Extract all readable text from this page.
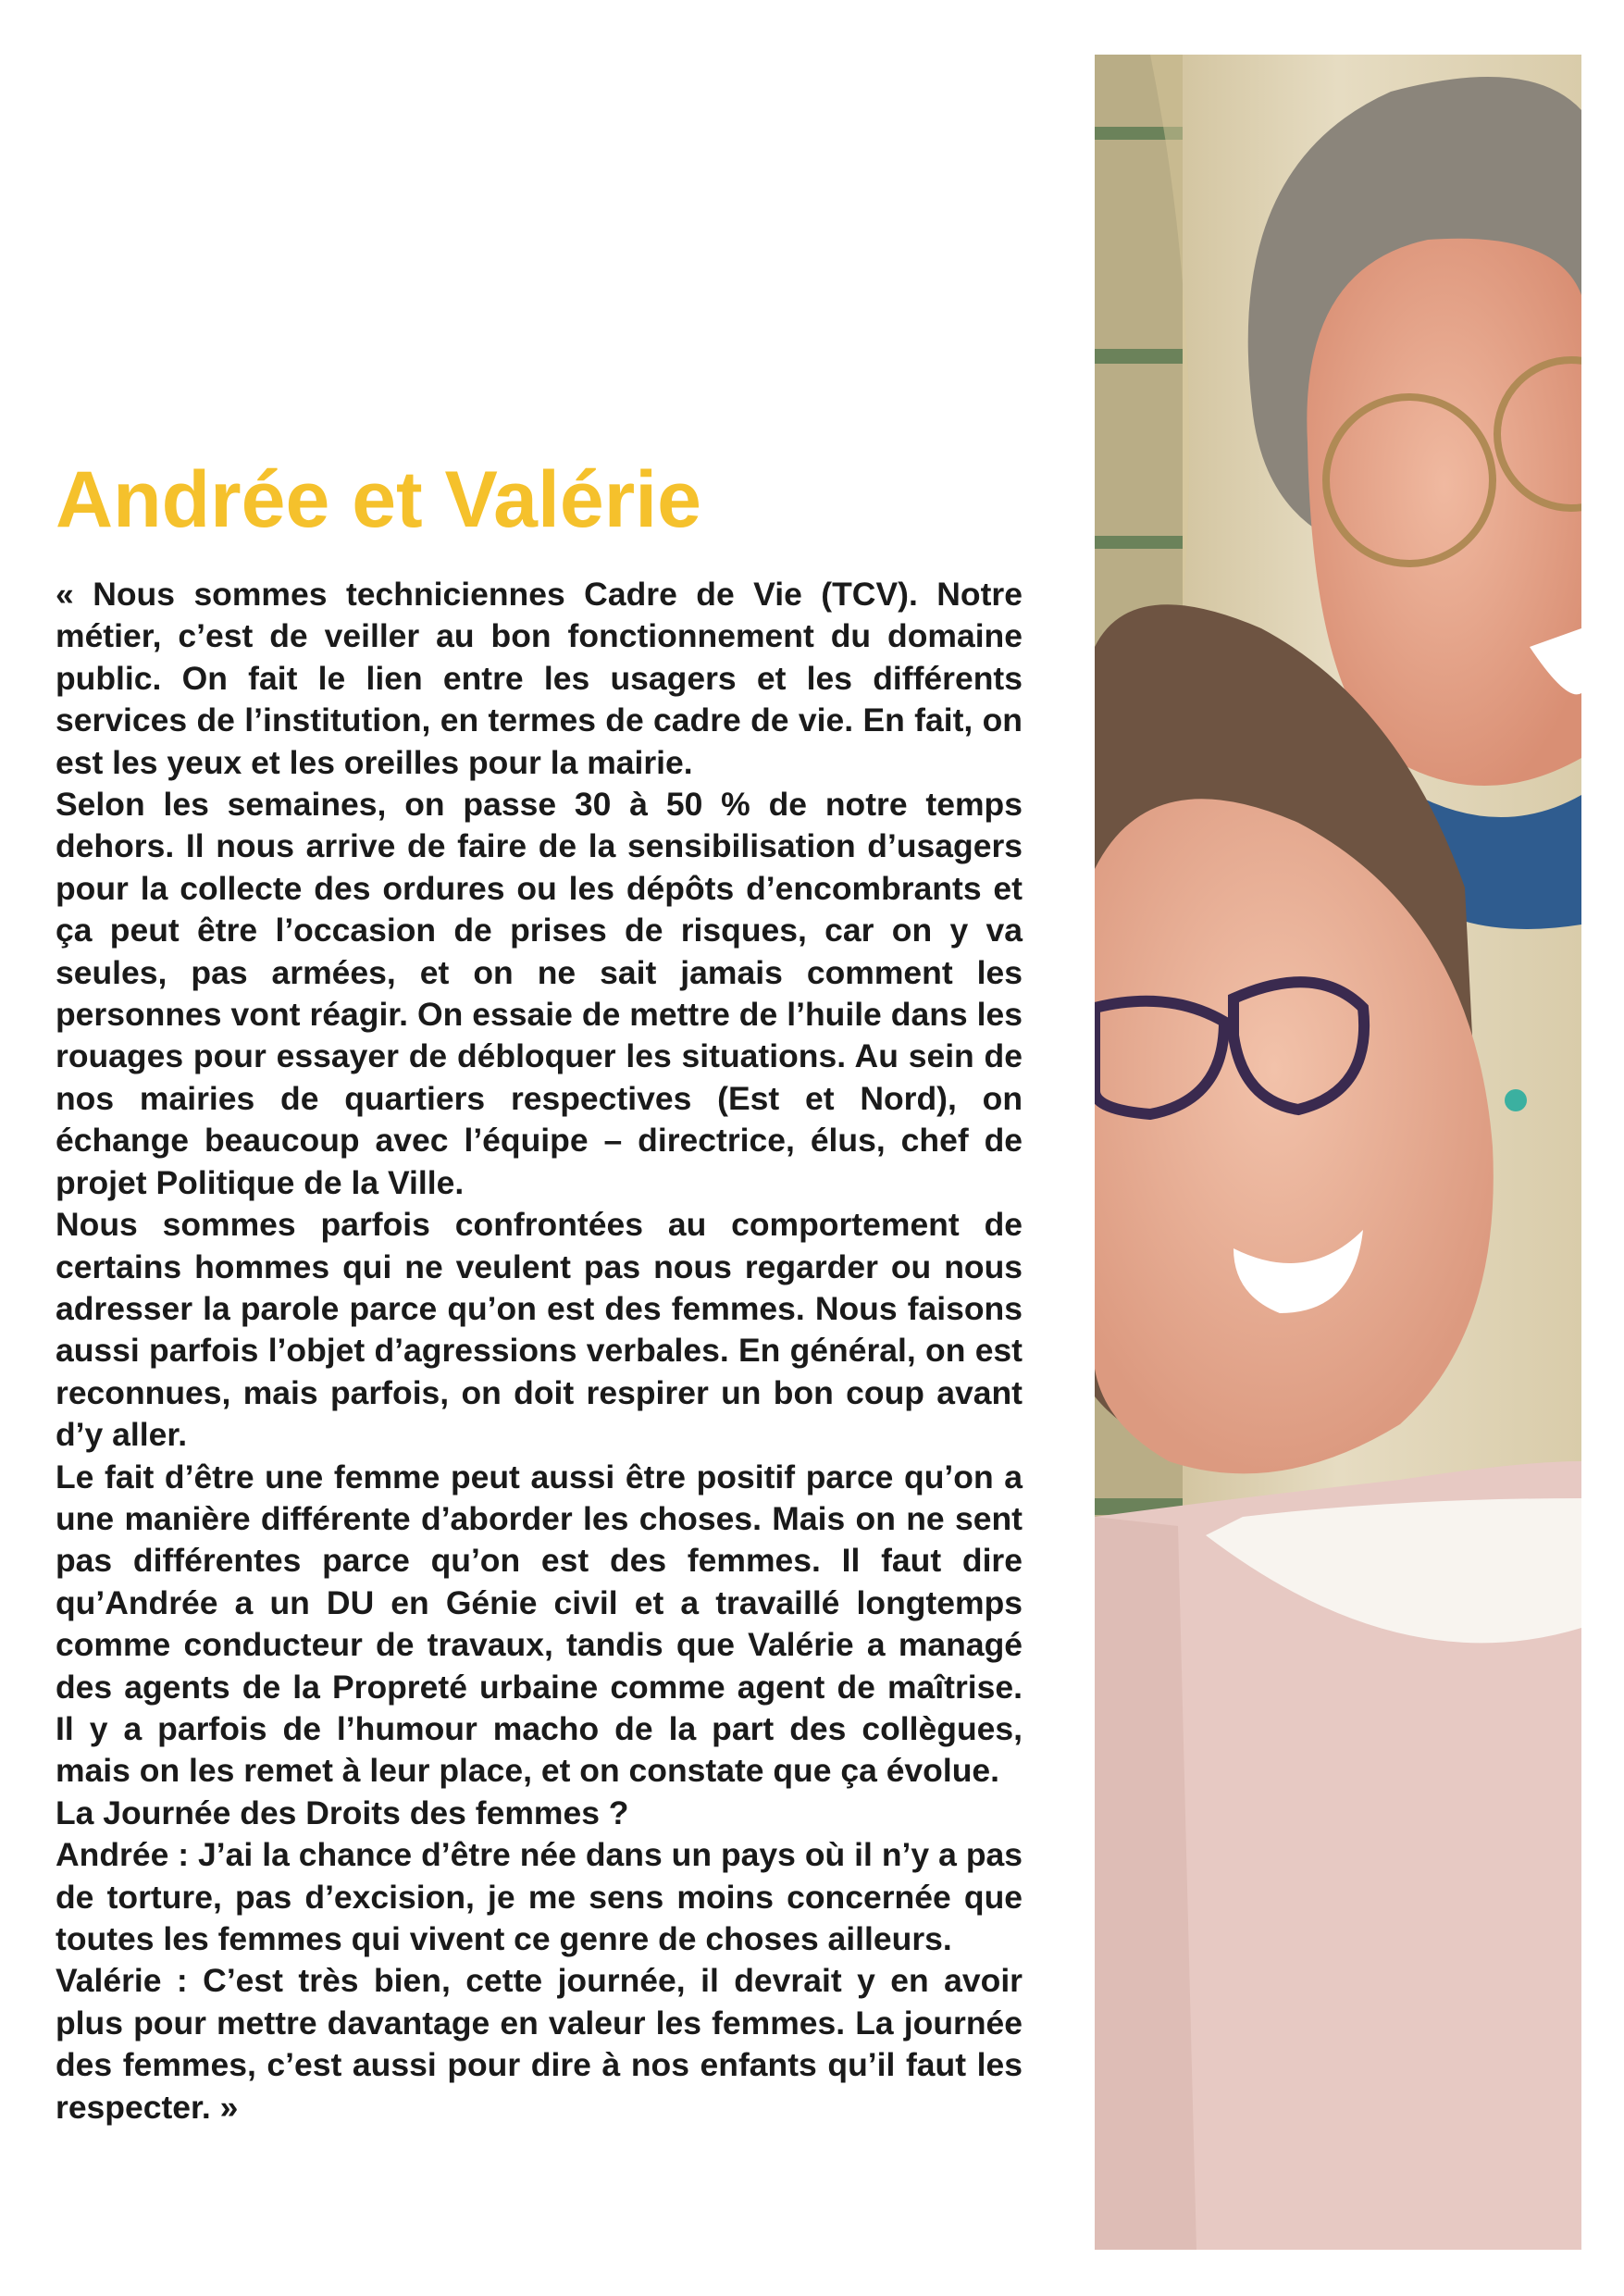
Andrée et Valérie

« Nous sommes techniciennes Cadre de Vie (TCV). Notre métier, c’est de veiller au bon fonctionnement du domaine public. On fait le lien entre les usagers et les différents services de l’institution, en termes de cadre de vie. En fait, on est les yeux et les oreilles pour la mairie.

Selon les semaines, on passe 30 à 50 % de notre temps dehors. Il nous arrive de faire de la sensibilisation d’usagers pour la collecte des ordures ou les dépôts d’encombrants et ça peut être l’occasion de prises de risques, car on y va seules, pas armées, et on ne sait jamais comment les personnes vont réagir. On essaie de mettre de l’huile dans les rouages pour essayer de débloquer les situations. Au sein de nos mairies de quartiers respectives (Est et Nord), on échange beaucoup avec l’équipe – directrice, élus, chef de projet Politique de la Ville.

Nous sommes parfois confrontées au comportement de certains hommes qui ne veulent pas nous regarder ou nous adresser la parole parce qu’on est des femmes. Nous faisons aussi parfois l’objet d’agressions verbales. En général, on est reconnues, mais parfois, on doit respirer un bon coup avant d’y aller.

Le fait d’être une femme peut aussi être positif parce qu’on a une manière différente d’aborder les choses. Mais on ne sent pas différentes parce qu’on est des femmes. Il faut dire qu’Andrée a un DU en Génie civil et a travaillé longtemps comme conducteur de travaux, tandis que Valérie a managé des agents de la Propreté urbaine comme agent de maîtrise. Il y a parfois de l’humour macho de la part des collègues, mais on les remet à leur place, et on constate que ça évolue.

La Journée des Droits des femmes ?

Andrée : J’ai la chance d’être née dans un pays où il n’y a pas de torture, pas d’excision, je me sens moins concernée que toutes les femmes qui vivent ce genre de choses ailleurs.

Valérie : C’est très bien, cette journée, il devrait y en avoir plus pour mettre davantage en valeur les femmes. La journée des femmes, c’est aussi pour dire à nos enfants qu’il faut les respecter. »
